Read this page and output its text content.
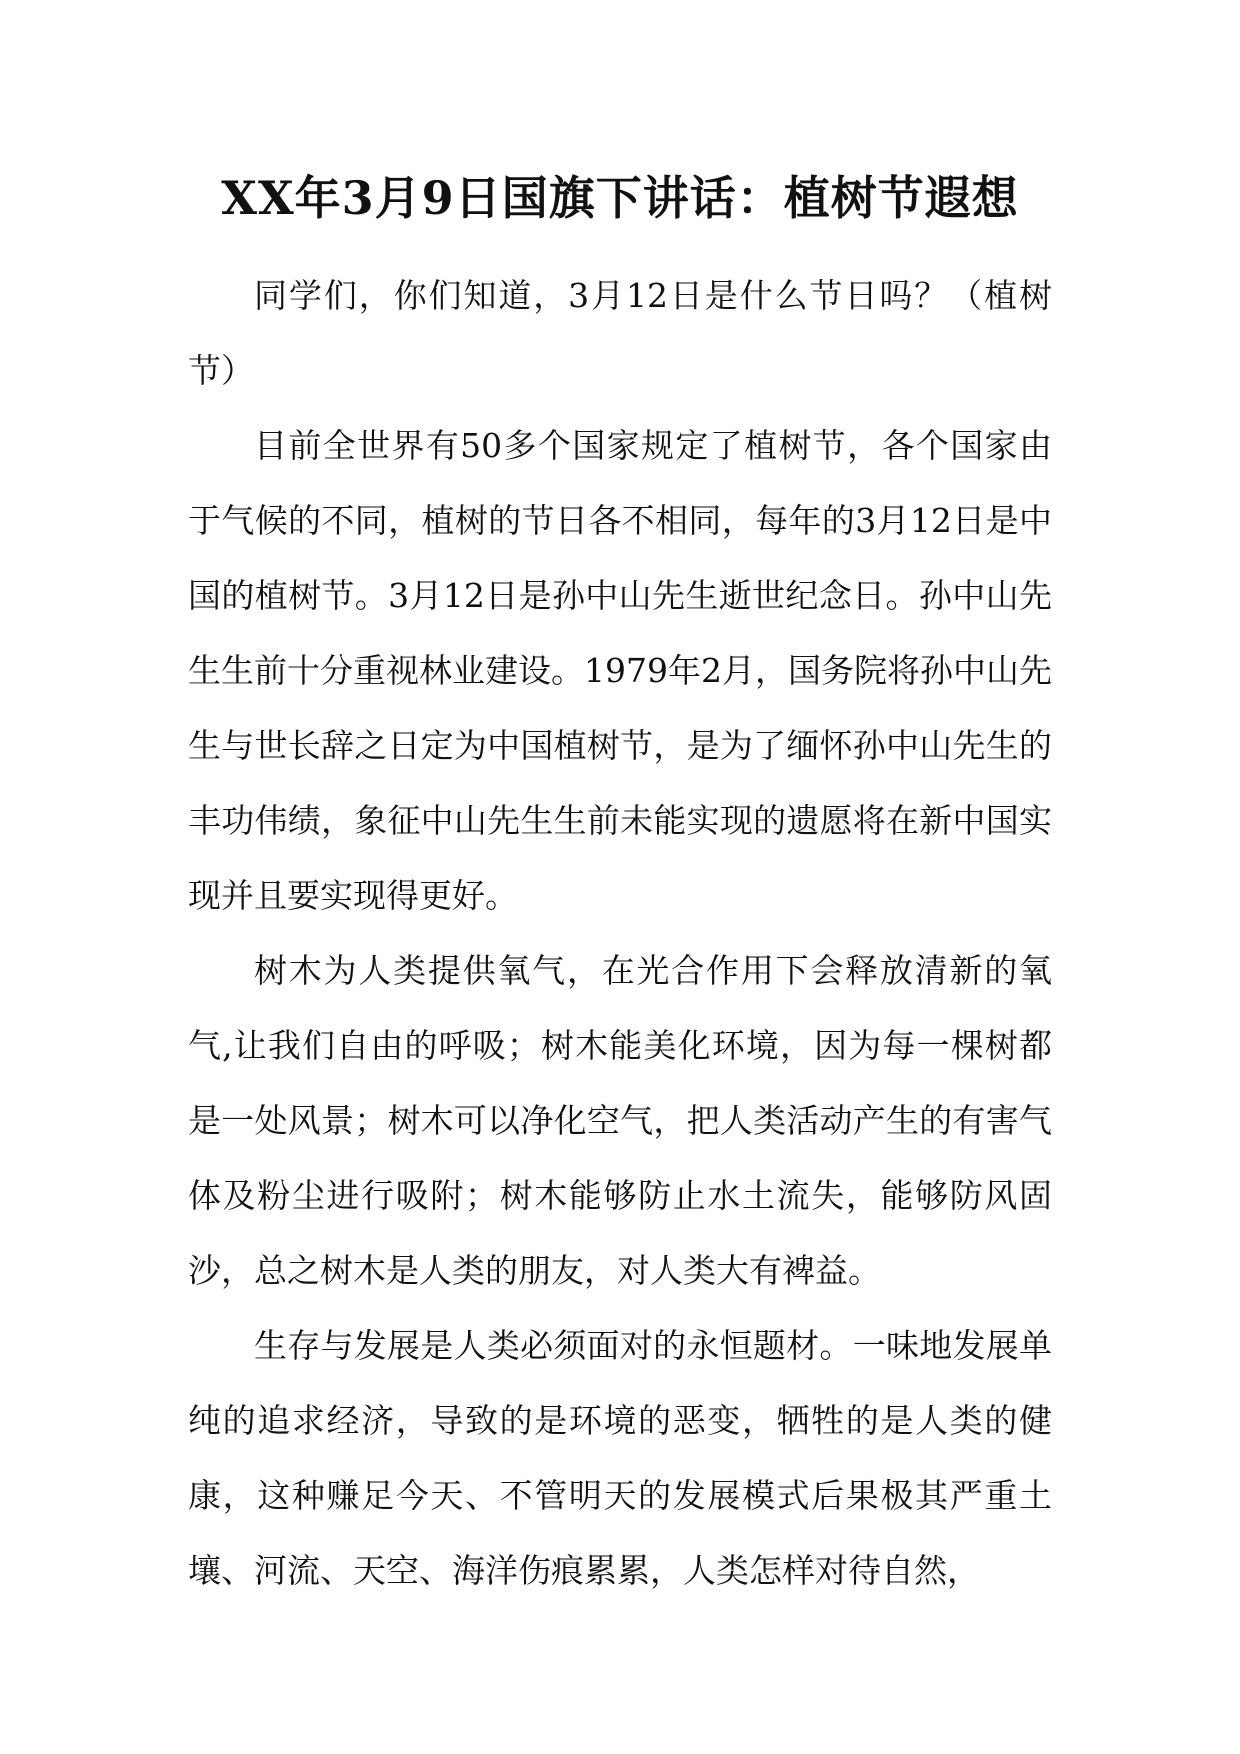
XX年3月9日国旗下讲话：植树节遐想

同学们，你们知道，3月12日是什么节日吗？（植树节）

目前全世界有50多个国家规定了植树节，各个国家由于气候的不同，植树的节日各不相同，每年的3月12日是中国的植树节。3月12日是孙中山先生逝世纪念日。孙中山先生生前十分重视林业建设。1979年2月，国务院将孙中山先生与世长辞之日定为中国植树节，是为了缅怀孙中山先生的丰功伟绩，象征中山先生生前未能实现的遗愿将在新中国实现并且要实现得更好。

树木为人类提供氧气，在光合作用下会释放清新的氧气,让我们自由的呼吸；树木能美化环境，因为每一棵树都是一处风景；树木可以净化空气，把人类活动产生的有害气体及粉尘进行吸附；树木能够防止水土流失，能够防风固沙，总之树木是人类的朋友，对人类大有裨益。

生存与发展是人类必须面对的永恒题材。一味地发展单纯的追求经济，导致的是环境的恶变，牺牲的是人类的健康，这种赚足今天、不管明天的发展模式后果极其严重土壤、河流、天空、海洋伤痕累累，人类怎样对待自然，
